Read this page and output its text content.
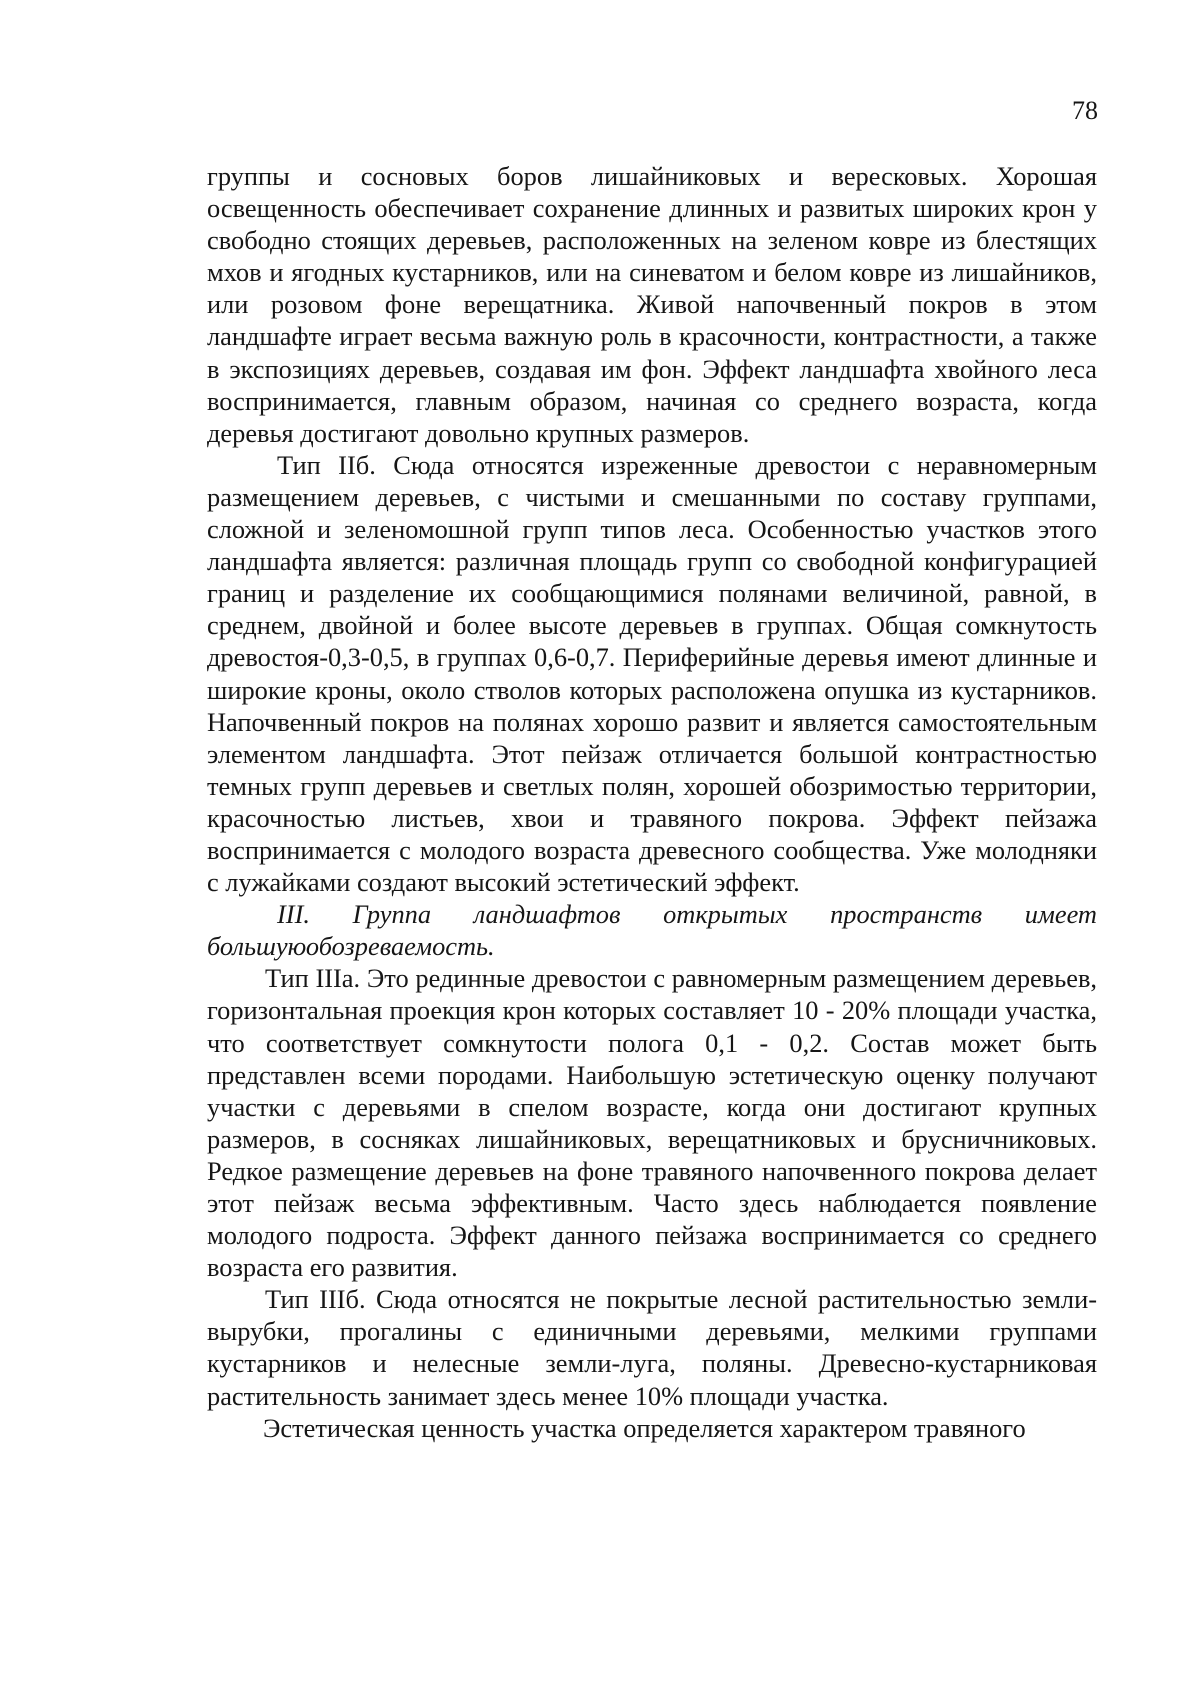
78

группы и сосновых боров лишайниковых и вересковых. Хорошая освещенность обеспечивает сохранение длинных и развитых широких крон у свободно стоящих деревьев, расположенных на зеленом ковре из блестящих мхов и ягодных кустарников, или на синеватом и белом ковре из лишайников, или розовом фоне верещатника. Живой напочвенный покров в этом ландшафте играет весьма важную роль в красочности, контрастности, а также в экспозициях деревьев, создавая им фон. Эффект ландшафта хвойного леса воспринимается, главным образом, начиная со среднего возраста, когда деревья достигают довольно крупных размеров.

Тип IIб. Сюда относятся изреженные древостои с неравномерным размещением деревьев, с чистыми и смешанными по составу группами, сложной и зеленомошной групп типов леса. Особенностью участков этого ландшафта является: различная площадь групп со свободной конфигурацией границ и разделение их сообщающимися полянами величиной, равной, в среднем, двойной и более высоте деревьев в группах. Общая сомкнутость древостоя-0,3-0,5, в группах 0,6-0,7. Периферийные деревья имеют длинные и широкие кроны, около стволов которых расположена опушка из кустарников. Напочвенный покров на полянах хорошо развит и является самостоятельным элементом ландшафта. Этот пейзаж отличается большой контрастностью темных групп деревьев и светлых полян, хорошей обозримостью территории, красочностью листьев, хвои и травяного покрова. Эффект пейзажа воспринимается с молодого возраста древесного сообщества. Уже молодняки с лужайками создают высокий эстетический эффект.

III. Группа ландшафтов открытых пространств имеет большуюобозреваемость.

Тип IIIа. Это рединные древостои с равномерным размещением деревьев, горизонтальная проекция крон которых составляет 10 - 20% площади участка, что соответствует сомкнутости полога 0,1 - 0,2. Состав может быть представлен всеми породами. Наибольшую эстетическую оценку получают участки с деревьями в спелом возрасте, когда они достигают крупных размеров, в сосняках лишайниковых, верещатниковых и брусничниковых. Редкое размещение деревьев на фоне травяного напочвенного покрова делает этот пейзаж весьма эффективным. Часто здесь наблюдается появление молодого подроста. Эффект данного пейзажа воспринимается со среднего возраста его развития.

Тип IIIб. Сюда относятся не покрытые лесной растительностью земли-вырубки, прогалины с единичными деревьями, мелкими группами кустарников и нелесные земли-луга, поляны. Древесно-кустарниковая растительность занимает здесь менее 10% площади участка.

Эстетическая ценность участка определяется характером травяного
